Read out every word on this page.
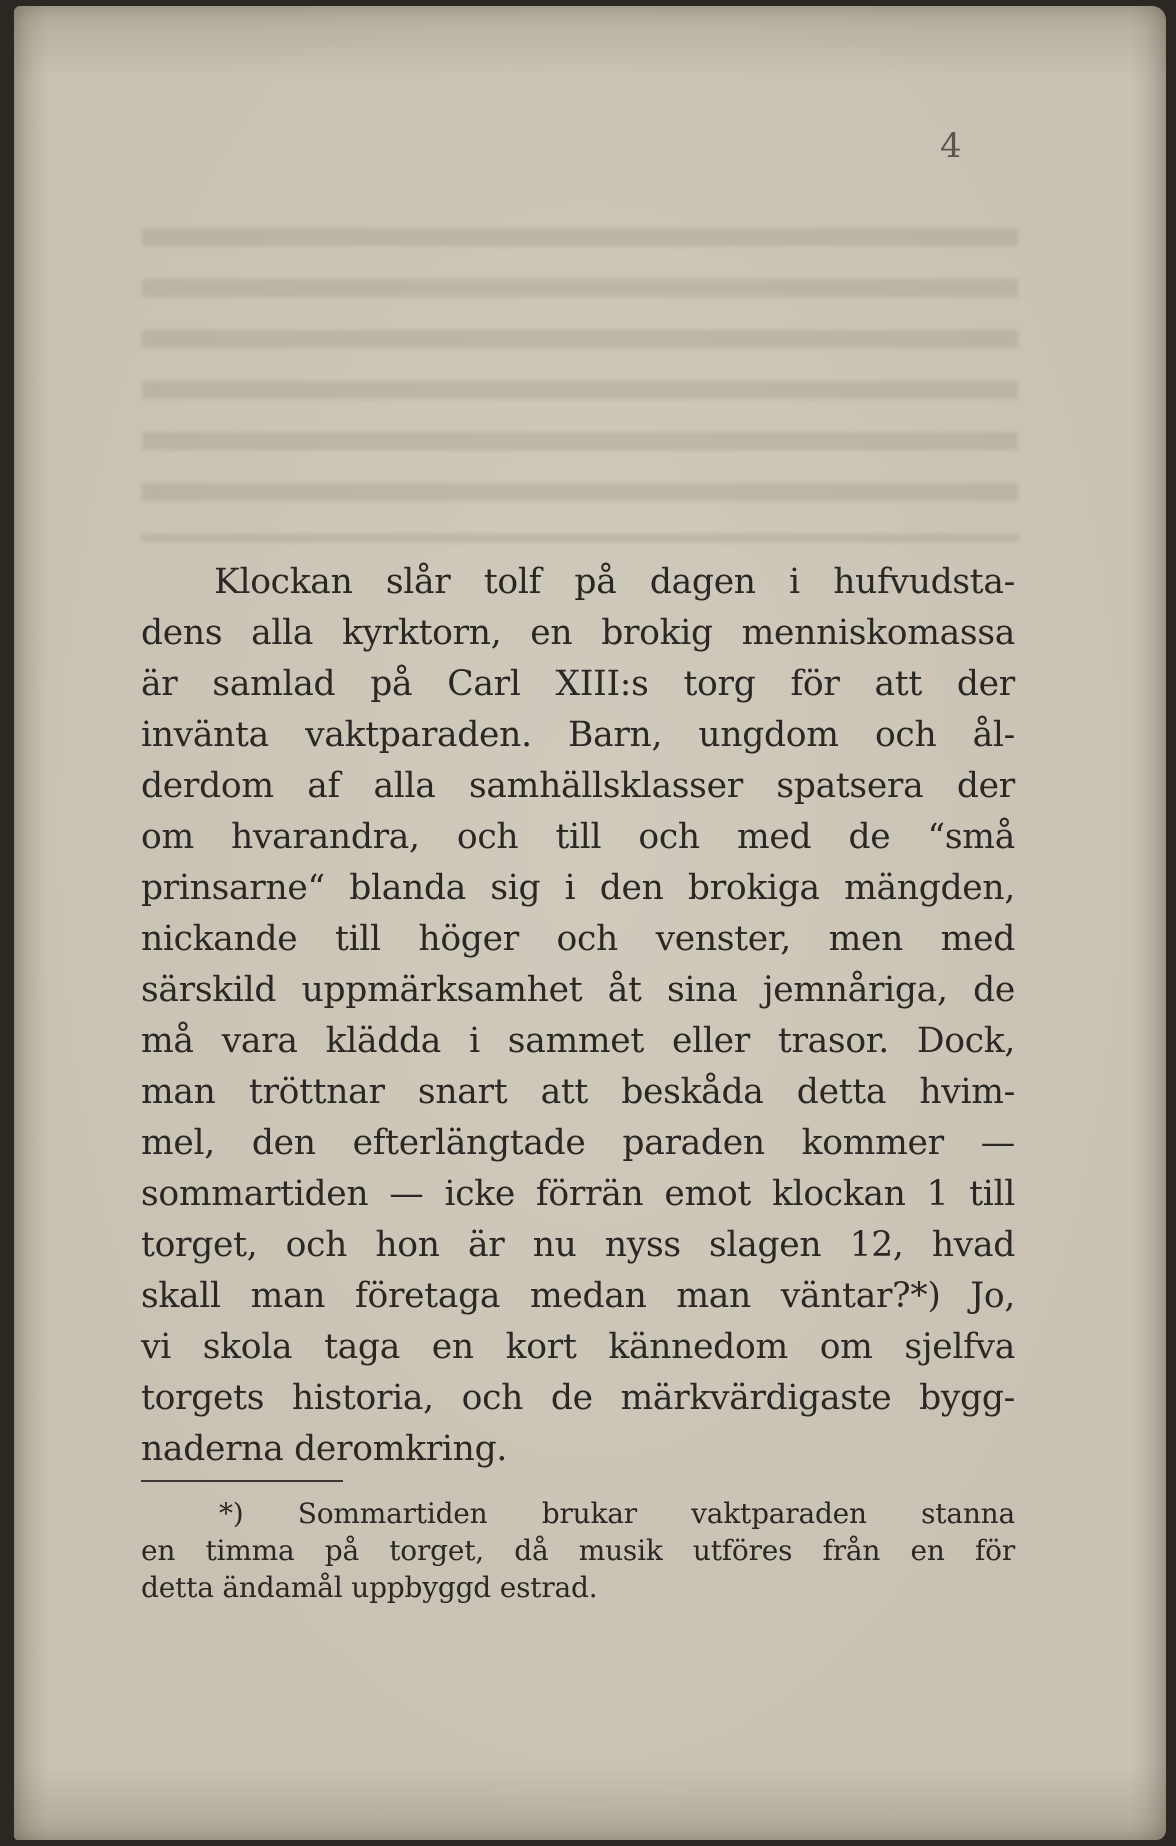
4
Klockan slår tolf på dagen i hufvudsta-
dens alla kyrktorn, en brokig menniskomassa
är samlad på Carl XIII:s torg för att der
invänta vaktparaden. Barn, ungdom och ål-
derdom af alla samhällsklasser spatsera der
om hvarandra, och till och med de “små
prinsarne“ blanda sig i den brokiga mängden,
nickande till höger och venster, men med
särskild uppmärksamhet åt sina jemnåriga, de
må vara klädda i sammet eller trasor. Dock,
man tröttnar snart att beskåda detta hvim-
mel, den efterlängtade paraden kommer —
sommartiden — icke förrän emot klockan 1 till
torget, och hon är nu nyss slagen 12, hvad
skall man företaga medan man väntar?*) Jo,
vi skola taga en kort kännedom om sjelfva
torgets historia, och de märkvärdigaste bygg-
naderna deromkring.
*) Sommartiden brukar vaktparaden stanna
en timma på torget, då musik utföres från en för
detta ändamål uppbyggd estrad.
